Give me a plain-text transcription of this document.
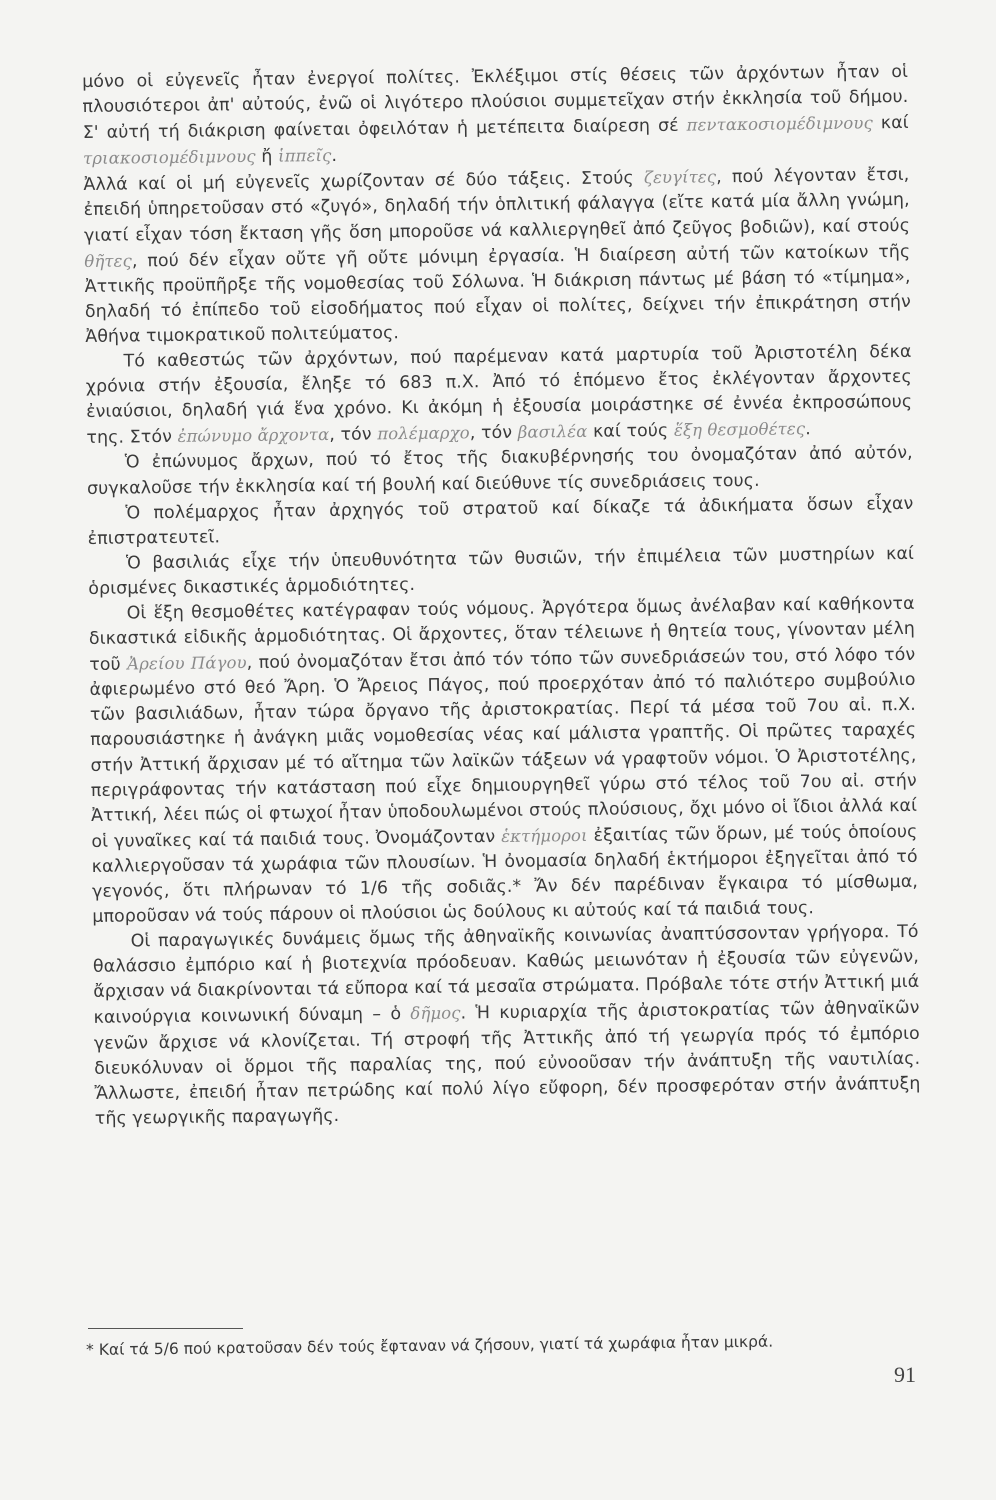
μόνο οἱ εὐγενεῖς ἦταν ἐνεργοί πολίτες. Ἐκλέξιμοι στίς θέσεις τῶν ἀρχόντων ἦταν οἱ πλουσιότεροι ἀπ' αὐτούς, ἐνῶ οἱ λιγότερο πλούσιοι συμμετεῖχαν στήν ἐκκλησία τοῦ δήμου. Σ' αὐτή τή διάκριση φαίνεται ὀφειλόταν ἡ μετέπειτα διαίρεση σέ πεντακοσιομέδιμνους καί τριακοσιομέδιμνους ἤ ἱππεῖς.

Ἀλλά καί οἱ μή εὐγενεῖς χωρίζονταν σέ δύο τάξεις. Στούς ζευγίτες, πού λέγονταν ἔτσι, ἐπειδή ὑπηρετοῦσαν στό «ζυγό», δηλαδή τήν ὁπλιτική φάλαγγα (εἴτε κατά μία ἄλλη γνώμη, γιατί εἶχαν τόση ἔκταση γῆς ὅση μποροῦσε νά καλλιεργηθεῖ ἀπό ζεῦγος βοδιῶν), καί στούς θῆτες, πού δέν εἶχαν οὔτε γῆ οὔτε μόνιμη ἐργασία. Ἡ διαίρεση αὐτή τῶν κατοίκων τῆς Ἀττικῆς προϋπῆρξε τῆς νομοθεσίας τοῦ Σόλωνα. Ἡ διάκριση πάντως μέ βάση τό «τίμημα», δηλαδή τό ἐπίπεδο τοῦ εἰσοδήματος πού εἶχαν οἱ πολίτες, δείχνει τήν ἐπικράτηση στήν Ἀθήνα τιμοκρατικοῦ πολιτεύματος.

Τό καθεστώς τῶν ἀρχόντων, πού παρέμεναν κατά μαρτυρία τοῦ Ἀριστοτέλη δέκα χρόνια στήν ἐξουσία, ἔληξε τό 683 π.Χ. Ἀπό τό ἑπόμενο ἔτος ἐκλέγονταν ἄρχοντες ἐνιαύσιοι, δηλαδή γιά ἕνα χρόνο. Κι ἀκόμη ἡ ἐξουσία μοιράστηκε σέ ἐννέα ἐκπροσώπους της. Στόν ἐπώνυμο ἄρχοντα, τόν πολέμαρχο, τόν βασιλέα καί τούς ἕξη θεσμοθέτες.

Ὁ ἐπώνυμος ἄρχων, πού τό ἔτος τῆς διακυβέρνησής του ὀνομαζόταν ἀπό αὐτόν, συγκαλοῦσε τήν ἐκκλησία καί τή βουλή καί διεύθυνε τίς συνεδριάσεις τους.

Ὁ πολέμαρχος ἦταν ἀρχηγός τοῦ στρατοῦ καί δίκαζε τά ἀδικήματα ὅσων εἶχαν ἐπιστρατευτεῖ.

Ὁ βασιλιάς εἶχε τήν ὑπευθυνότητα τῶν θυσιῶν, τήν ἐπιμέλεια τῶν μυστηρίων καί ὁρισμένες δικαστικές ἁρμοδιότητες.

Οἱ ἕξη θεσμοθέτες κατέγραφαν τούς νόμους. Ἀργότερα ὅμως ἀνέλαβαν καί καθήκοντα δικαστικά εἰδικῆς ἁρμοδιότητας. Οἱ ἄρχοντες, ὅταν τέλειωνε ἡ θητεία τους, γίνονταν μέλη τοῦ Ἀρείου Πάγου, πού ὀνομαζόταν ἔτσι ἀπό τόν τόπο τῶν συνεδριάσεών του, στό λόφο τόν ἀφιερωμένο στό θεό Ἄρη. Ὁ Ἄρειος Πάγος, πού προερχόταν ἀπό τό παλιότερο συμβούλιο τῶν βασιλιάδων, ἦταν τώρα ὄργανο τῆς ἀριστοκρατίας. Περί τά μέσα τοῦ 7ου αἰ. π.Χ. παρουσιάστηκε ἡ ἀνάγκη μιᾶς νομοθεσίας νέας καί μάλιστα γραπτῆς. Οἱ πρῶτες ταραχές στήν Ἀττική ἄρχισαν μέ τό αἴτημα τῶν λαϊκῶν τάξεων νά γραφτοῦν νόμοι. Ὁ Ἀριστοτέλης, περιγράφοντας τήν κατάσταση πού εἶχε δημιουργηθεῖ γύρω στό τέλος τοῦ 7ου αἰ. στήν Ἀττική, λέει πώς οἱ φτωχοί ἦταν ὑποδουλωμένοι στούς πλούσιους, ὄχι μόνο οἱ ἴδιοι ἀλλά καί οἱ γυναῖκες καί τά παιδιά τους. Ὀνομάζονταν ἑκτήμοροι ἐξαιτίας τῶν ὅρων, μέ τούς ὁποίους καλλιεργοῦσαν τά χωράφια τῶν πλουσίων. Ἡ ὀνομασία δηλαδή ἑκτήμοροι ἐξηγεῖται ἀπό τό γεγονός, ὅτι πλήρωναν τό 1/6 τῆς σοδιᾶς.* Ἄν δέν παρέδιναν ἔγκαιρα τό μίσθωμα, μποροῦσαν νά τούς πάρουν οἱ πλούσιοι ὡς δούλους κι αὐτούς καί τά παιδιά τους.

Οἱ παραγωγικές δυνάμεις ὅμως τῆς ἀθηναϊκῆς κοινωνίας ἀναπτύσσονταν γρήγορα. Τό θαλάσσιο ἐμπόριο καί ἡ βιοτεχνία πρόοδευαν. Καθώς μειωνόταν ἡ ἐξουσία τῶν εὐγενῶν, ἄρχισαν νά διακρίνονται τά εὔπορα καί τά μεσαῖα στρώματα. Πρόβαλε τότε στήν Ἀττική μιά καινούργια κοινωνική δύναμη – ὁ δῆμος. Ἡ κυριαρχία τῆς ἀριστοκρατίας τῶν ἀθηναϊκῶν γενῶν ἄρχισε νά κλονίζεται. Τή στροφή τῆς Ἀττικῆς ἀπό τή γεωργία πρός τό ἐμπόριο διευκόλυναν οἱ ὅρμοι τῆς παραλίας της, πού εὐνοοῦσαν τήν ἀνάπτυξη τῆς ναυτιλίας. Ἄλλωστε, ἐπειδή ἦταν πετρώδης καί πολύ λίγο εὔφορη, δέν προσφερόταν στήν ἀνάπτυξη τῆς γεωργικῆς παραγωγῆς.

* Καί τά 5/6 πού κρατοῦσαν δέν τούς ἔφταναν νά ζήσουν, γιατί τά χωράφια ἦταν μικρά.
91
